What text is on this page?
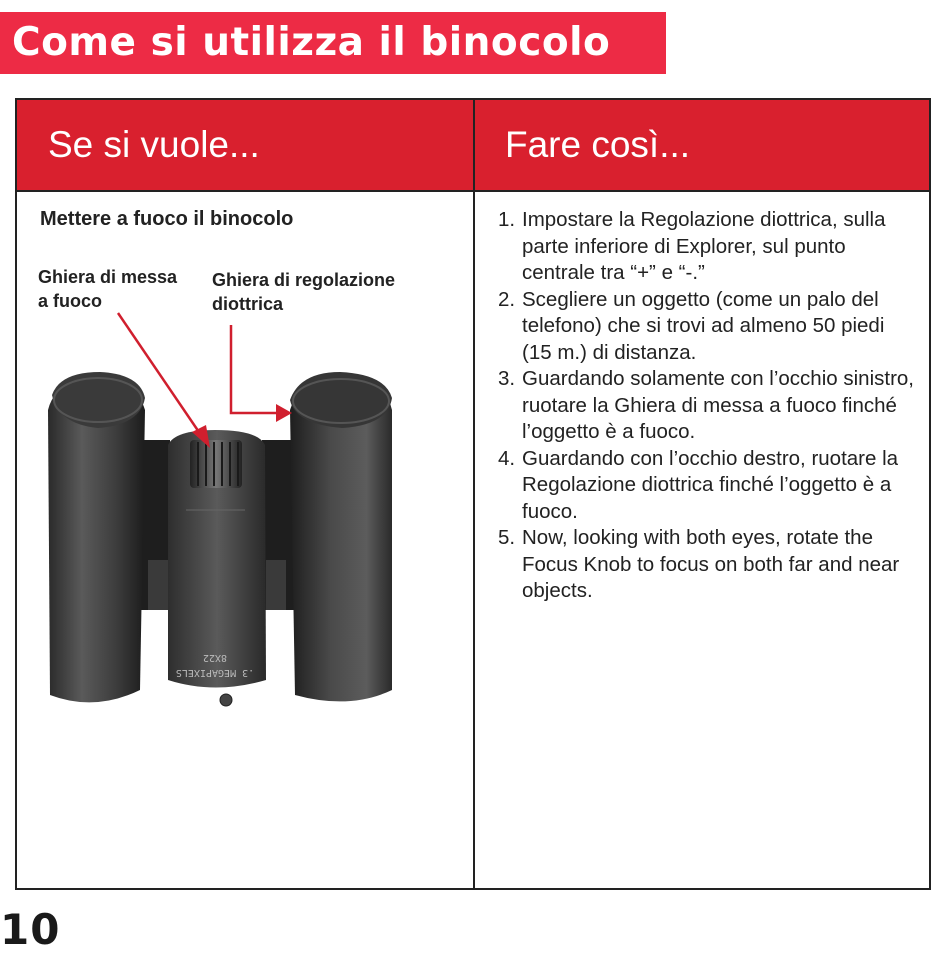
Come si utilizza il binocolo
Se si vuole...	Fare così...
Mettere a fuoco il binocolo
Ghiera di messa
a fuoco
Ghiera di regolazione
diottrica
8X22
.3 MEGAPIXELS
1. Impostare la Regolazione diottrica, sulla parte inferiore di Explorer, sul punto centrale tra “+” e “-.”
2. Scegliere un oggetto (come un palo del telefono) che si trovi ad almeno 50 piedi (15 m.) di distanza.
3. Guardando solamente con l’occhio sinistro, ruotare la Ghiera di messa a fuoco finché l’oggetto è a fuoco.
4. Guardando con l’occhio destro, ruotare la Regolazione diottrica finché l’oggetto è a fuoco.
5. Now, looking with both eyes, rotate the Focus Knob to focus on both far and near objects.
10
